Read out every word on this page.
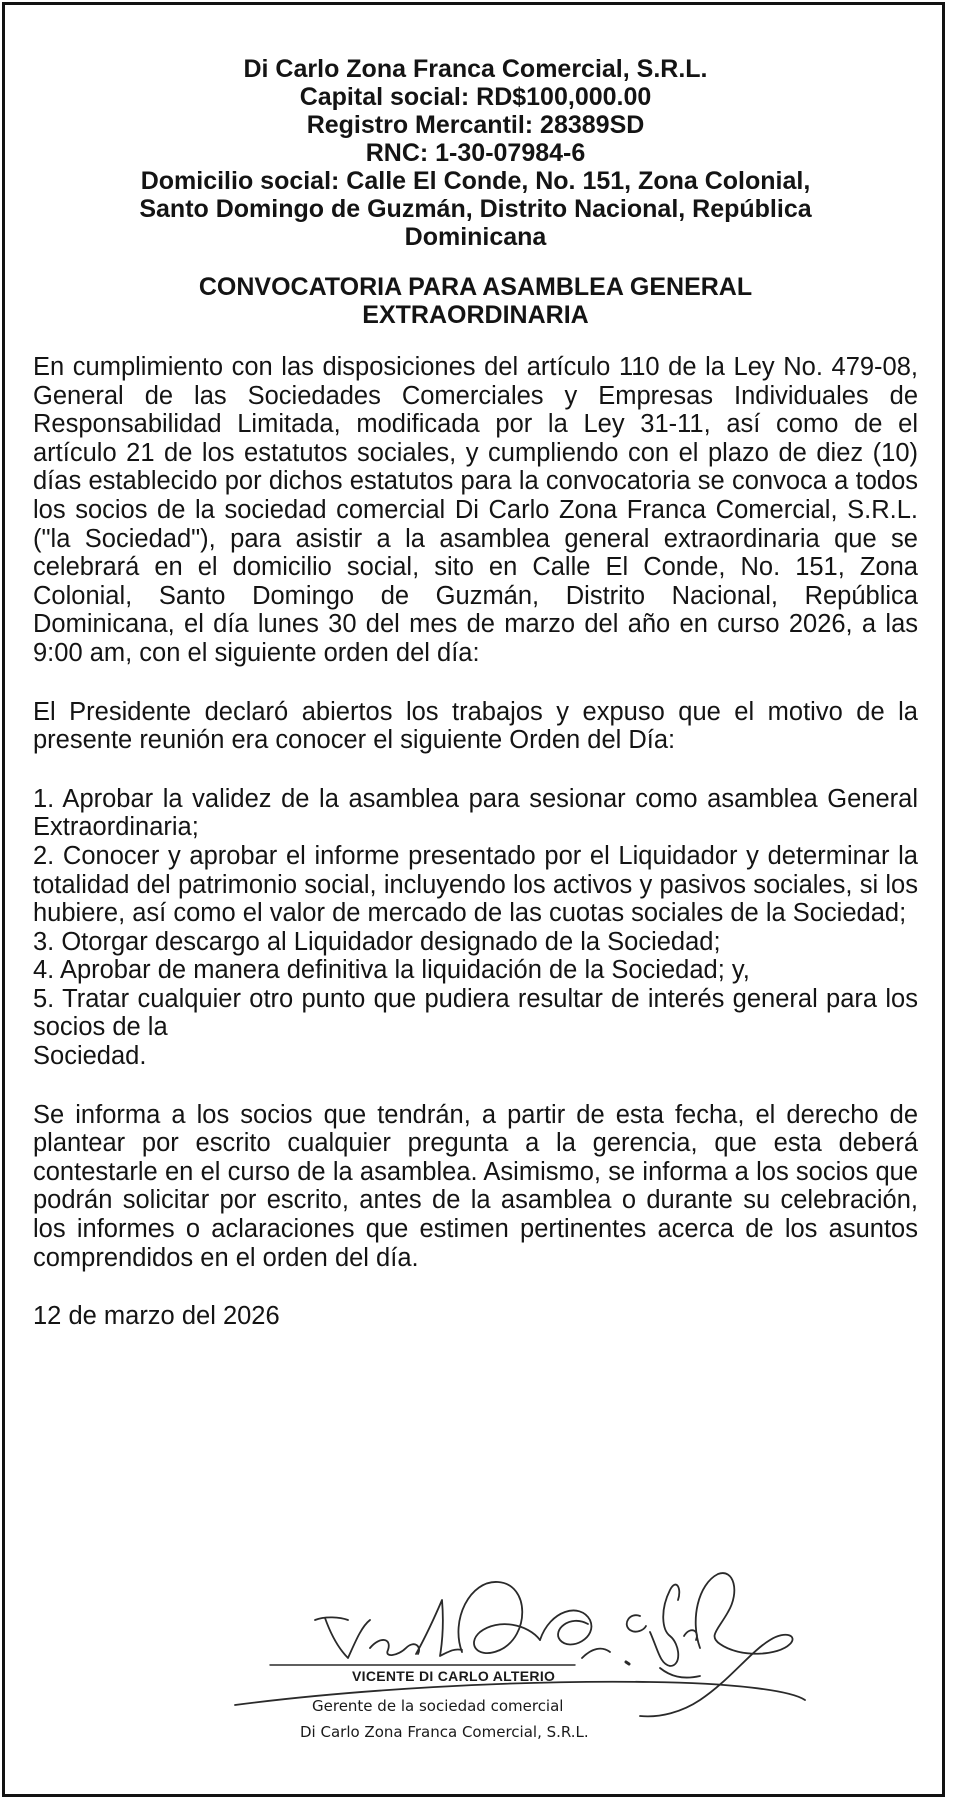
Di Carlo Zona Franca Comercial, S.R.L.
Capital social: RD$100,000.00
Registro Mercantil: 28389SD
RNC: 1-30-07984-6
Domicilio social: Calle El Conde, No. 151, Zona Colonial,
Santo Domingo de Guzmán, Distrito Nacional, República
Dominicana
CONVOCATORIA PARA ASAMBLEA GENERAL
EXTRAORDINARIA

En cumplimiento con las disposiciones del artículo 110 de la Ley No. 479-08, General de las Sociedades Comerciales y Empresas Individuales de Responsabilidad Limitada, modificada por la Ley 31-11, así como de el artículo 21 de los estatutos sociales, y cumpliendo con el plazo de diez (10) días establecido por dichos estatutos para la convocatoria se convoca a todos los socios de la sociedad comercial Di Carlo Zona Franca Comercial, S.R.L. ("la Sociedad"), para asistir a la asamblea general extraordinaria que se celebrará en el domicilio social, sito en Calle El Conde, No. 151, Zona Colonial, Santo Domingo de Guzmán, Distrito Nacional, República Dominicana, el día lunes 30 del mes de marzo del año en curso 2026, a las 9:00 am, con el siguiente orden del día:

El Presidente declaró abiertos los trabajos y expuso que el motivo de la presente reunión era conocer el siguiente Orden del Día:

1. Aprobar la validez de la asamblea para sesionar como asamblea General Extraordinaria;

2. Conocer y aprobar el informe presentado por el Liquidador y determinar la totalidad del patrimonio social, incluyendo los activos y pasivos sociales, si los hubiere, así como el valor de mercado de las cuotas sociales de la Sociedad;

3. Otorgar descargo al Liquidador designado de la Sociedad;

4. Aprobar de manera definitiva la liquidación de la Sociedad; y,

5. Tratar cualquier otro punto que pudiera resultar de interés general para los socios de la

Sociedad.

Se informa a los socios que tendrán, a partir de esta fecha, el derecho de plantear por escrito cualquier pregunta a la gerencia, que esta deberá contestarle en el curso de la asamblea. Asimismo, se informa a los socios que podrán solicitar por escrito, antes de la asamblea o durante su celebración, los informes o aclaraciones que estimen pertinentes acerca de los asuntos comprendidos en el orden del día.

12 de marzo del 2026
VICENTE DI CARLO ALTERIO
Gerente de la sociedad comercial
Di Carlo Zona Franca Comercial, S.R.L.
